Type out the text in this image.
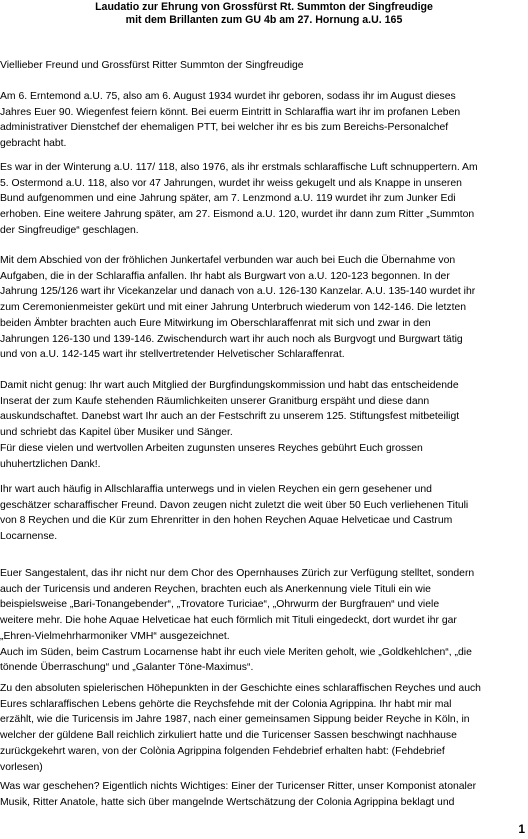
Laudatio zur Ehrung von Grossfürst Rt. Summton der Singfreudige
mit dem Brillanten zum GU 4b am 27. Hornung a.U. 165
Viellieber Freund und Grossfürst Ritter Summton der Singfreudige
Am 6. Erntemond a.U. 75, also am 6. August 1934 wurdet ihr geboren, sodass ihr im August dieses
Jahres Euer 90. Wiegenfest feiern könnt. Bei euerm Eintritt in Schlaraffia wart ihr im profanen Leben
administrativer Dienstchef der ehemaligen PTT, bei welcher ihr es bis zum Bereichs-Personalchef
gebracht habt.
Es war in der Winterung a.U. 117/ 118, also 1976, als ihr erstmals schlaraffische Luft schnuppertern. Am
5. Ostermond a.U. 118, also vor 47 Jahrungen, wurdet ihr weiss gekugelt und als Knappe in unseren
Bund aufgenommen und eine Jahrung später, am 7. Lenzmond a.U. 119 wurdet ihr zum Junker Edi
erhoben. Eine weitere Jahrung später, am 27. Eismond a.U. 120, wurdet ihr dann zum Ritter „Summton
der Singfreudige“ geschlagen.
Mit dem Abschied von der fröhlichen Junkertafel verbunden war auch bei Euch die Übernahme von
Aufgaben, die in der Schlaraffia anfallen. Ihr habt als Burgwart von a.U. 120-123 begonnen. In der
Jahrung 125/126 wart ihr Vicekanzelar und danach von a.U. 126-130 Kanzelar. A.U. 135-140 wurdet ihr
zum Ceremonienmeister gekürt und mit einer Jahrung Unterbruch wiederum von 142-146. Die letzten
beiden Ämbter brachten auch Eure Mitwirkung im Oberschlaraffenrat mit sich und zwar in den
Jahrungen 126-130 und 139-146. Zwischendurch wart ihr auch noch als Burgvogt und Burgwart tätig
und von a.U. 142-145 wart ihr stellvertretender Helvetischer Schlaraffenrat.
Damit nicht genug: Ihr wart auch Mitglied der Burgfindungskommission und habt das entscheidende
Inserat der zum Kaufe stehenden Räumlichkeiten unserer Granitburg erspäht und diese dann
auskundschaftet. Danebst wart Ihr auch an der Festschrift zu unserem 125. Stiftungsfest mitbeteiligt
und schriebt das Kapitel über Musiker und Sänger.
Für diese vielen und wertvollen Arbeiten zugunsten unseres Reyches gebührt Euch grossen
uhuhertzlichen Dank!.
Ihr wart auch häufig in Allschlaraffia unterwegs und in vielen Reychen ein gern gesehener und
geschätzer scharaffischer Freund. Davon zeugen nicht zuletzt die weit über 50 Euch verliehenen Tituli
von 8 Reychen und die Kür zum Ehrenritter in den hohen Reychen Aquae Helveticae und Castrum
Locarnense.
Euer Sangestalent, das ihr nicht nur dem Chor des Opernhauses Zürich zur Verfügung stelltet, sondern
auch der Turicensis und anderen Reychen, brachten euch als Anerkennung viele Tituli ein wie
beispielsweise „Bari-Tonangebender“, „Trovatore Turiciae“, „Ohrwurm der Burgfrauen“ und viele
weitere mehr. Die hohe Aquae Helveticae hat euch förmlich mit Tituli eingedeckt, dort wurdet ihr gar
„Ehren-Vielmehrharmoniker VMH“ ausgezeichnet.
Auch im Süden, beim Castrum Locarnense habt ihr euch viele Meriten geholt, wie „Goldkehlchen“, „die
tönende Überraschung“ und „Galanter Töne-Maximus“.
Zu den absoluten spielerischen Höhepunkten in der Geschichte eines schlaraffischen Reyches und auch
Eures schlaraffischen Lebens gehörte die Reychsfehde mit der Colonia Agrippina. Ihr habt mir mal
erzählt, wie die Turicensis im Jahre 1987, nach einer gemeinsamen Sippung beider Reyche in Köln, in
welcher der güldene Ball reichlich zirkuliert hatte und die Turicenser Sassen beschwingt nachhause
zurückgekehrt waren, von der Colònia Agrippina folgenden Fehdebrief erhalten habt: (Fehdebrief
vorlesen)
Was war geschehen? Eigentlich nichts Wichtiges: Einer der Turicenser Ritter, unser Komponist atonaler
Musik, Ritter Anatole, hatte sich über mangelnde Wertschätzung der Colonia Agrippina beklagt und
1
